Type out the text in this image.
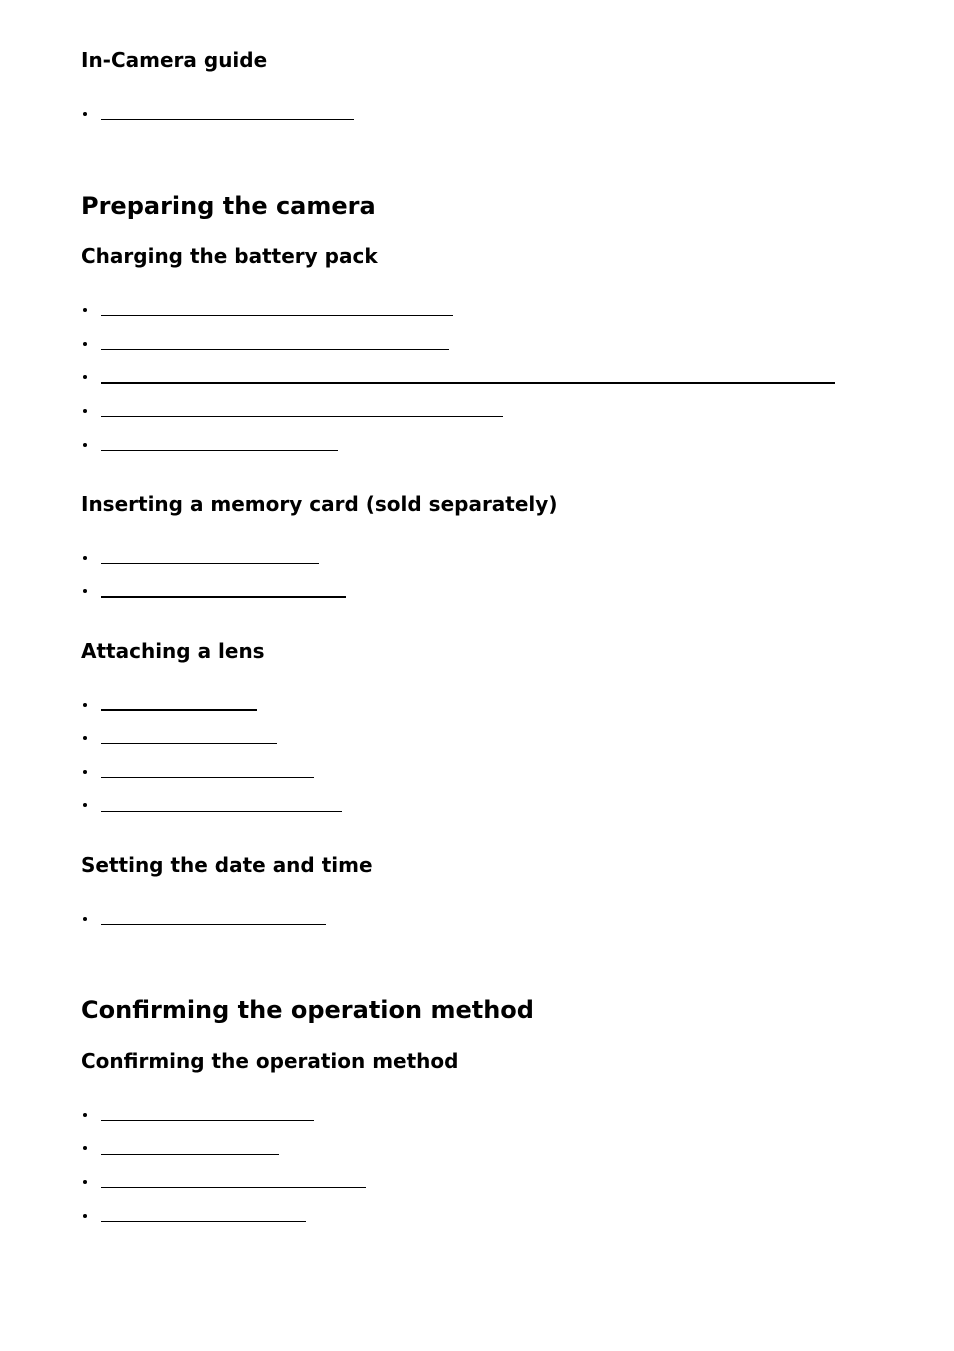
In-Camera guide
Preparing the camera
Charging the battery pack
Inserting a memory card (sold separately)
Attaching a lens
Setting the date and time
Confirming the operation method
Confirming the operation method
